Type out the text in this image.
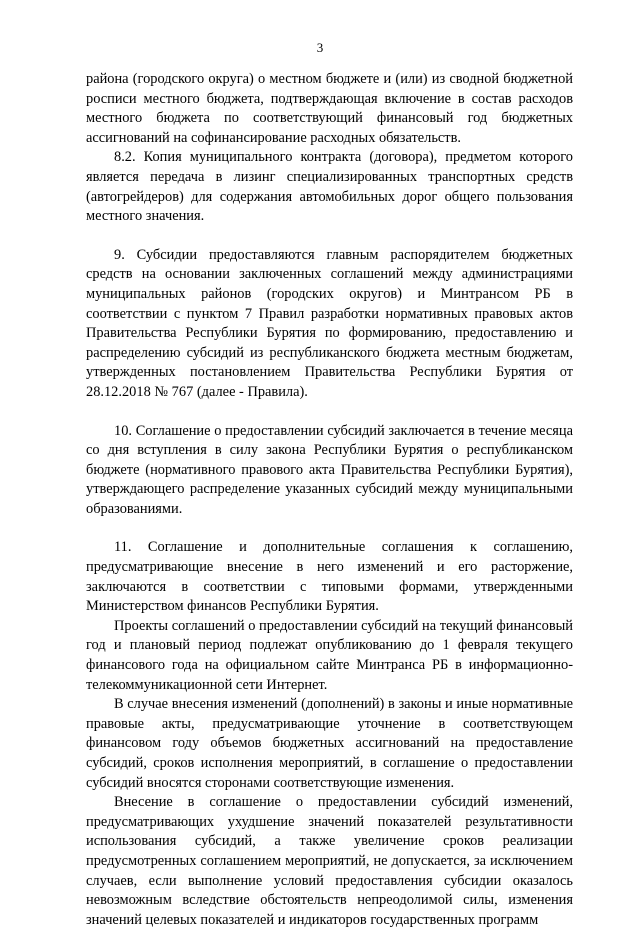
3

района (городского округа) о местном бюджете и (или) из сводной бюджетной росписи местного бюджета, подтверждающая включение в состав расходов местного бюджета по соответствующий финансовый год бюджетных ассигнований на софинансирование расходных обязательств.

8.2. Копия муниципального контракта (договора), предметом которого является передача в лизинг специализированных транспортных средств (автогрейдеров) для содержания автомобильных дорог общего пользования местного значения.

9. Субсидии предоставляются главным распорядителем бюджетных средств на основании заключенных соглашений между администрациями муниципальных районов (городских округов) и Минтрансом РБ в соответствии с пунктом 7 Правил разработки нормативных правовых актов Правительства Республики Бурятия по формированию, предоставлению и распределению субсидий из республиканского бюджета местным бюджетам, утвержденных постановлением Правительства Республики Бурятия от 28.12.2018 № 767 (далее - Правила).

10. Соглашение о предоставлении субсидий заключается в течение месяца со дня вступления в силу закона Республики Бурятия о республиканском бюджете (нормативного правового акта Правительства Республики Бурятия), утверждающего распределение указанных субсидий между муниципальными образованиями.

11. Соглашение и дополнительные соглашения к соглашению, предусматривающие внесение в него изменений и его расторжение, заключаются в соответствии с типовыми формами, утвержденными Министерством финансов Республики Бурятия.

Проекты соглашений о предоставлении субсидий на текущий финансовый год и плановый период подлежат опубликованию до 1 февраля текущего финансового года на официальном сайте Минтранса РБ в информационно-телекоммуникационной сети Интернет.

В случае внесения изменений (дополнений) в законы и иные нормативные правовые акты, предусматривающие уточнение в соответствующем финансовом году объемов бюджетных ассигнований на предоставление субсидий, сроков исполнения мероприятий, в соглашение о предоставлении субсидий вносятся сторонами соответствующие изменения.

Внесение в соглашение о предоставлении субсидий изменений, предусматривающих ухудшение значений показателей результативности использования субсидий, а также увеличение сроков реализации предусмотренных соглашением мероприятий, не допускается, за исключением случаев, если выполнение условий предоставления субсидии оказалось невозможным вследствие обстоятельств непреодолимой силы, изменения значений целевых показателей и индикаторов государственных программ
